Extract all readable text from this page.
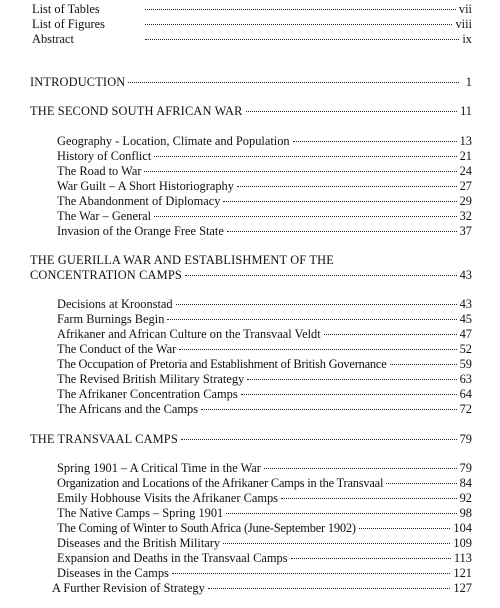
List of Tables	vii
List of Figures	viii
Abstract	ix
INTRODUCTION	1
THE SECOND SOUTH AFRICAN WAR	11
Geography - Location, Climate and Population	13
History of Conflict	21
The Road to War	24
War Guilt – A Short Historiography	27
The Abandonment of Diplomacy	29
The War – General	32
Invasion of the Orange Free State	37
THE GUERILLA WAR AND ESTABLISHMENT OF THE
CONCENTRATION CAMPS	43
Decisions at Kroonstad	43
Farm Burnings Begin	45
Afrikaner and African Culture on the Transvaal Veldt	47
The Conduct of the War	52
The Occupation of Pretoria and Establishment of British Governance	59
The Revised British Military Strategy	63
The Afrikaner Concentration Camps	64
The Africans and the Camps	72
THE TRANSVAAL CAMPS	79
Spring 1901 – A Critical Time in the War	79
Organization and Locations of the Afrikaner Camps in the Transvaal	84
Emily Hobhouse Visits the Afrikaner Camps	92
The Native Camps – Spring 1901	98
The Coming of Winter to South Africa (June-September 1902)	104
Diseases and the British Military	109
Expansion and Deaths in the Transvaal Camps	113
Diseases in the Camps	121
A Further Revision of Strategy	127
